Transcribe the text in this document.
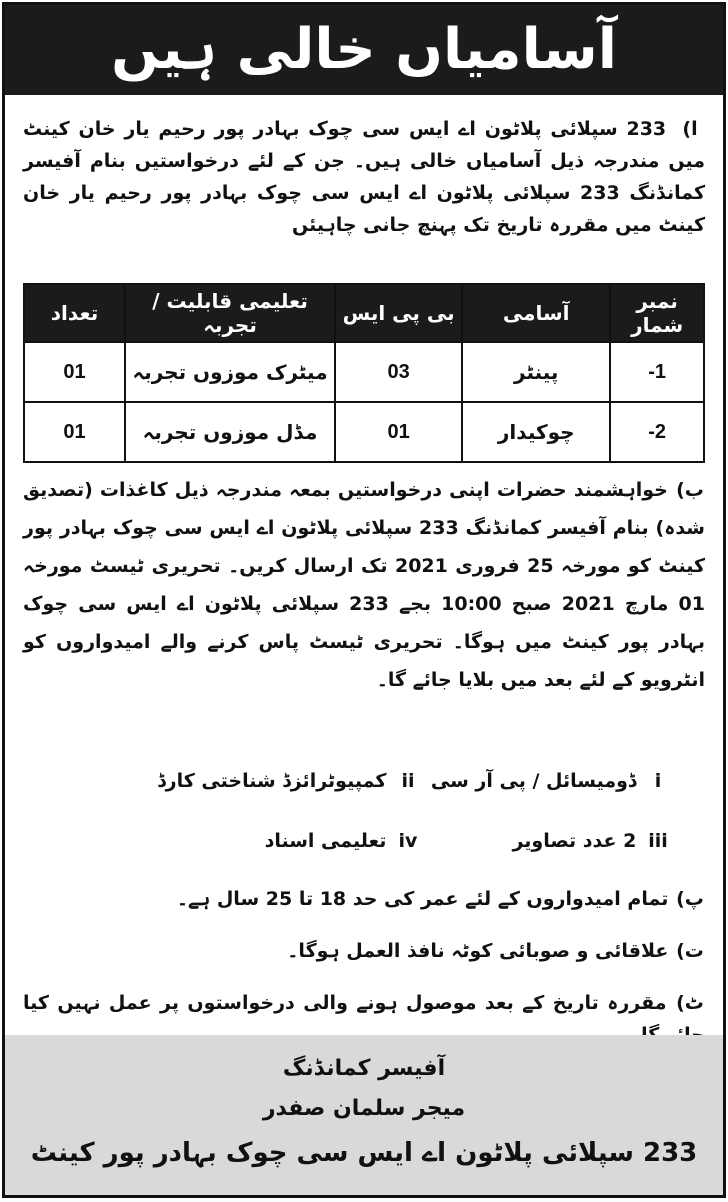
آسامیاں خالی ہیں
ا) 233 سپلائی پلاٹون اے ایس سی چوک بہادر پور رحیم یار خان کینٹ میں مندرجہ ذیل آسامیاں خالی ہیں۔ جن کے لئے درخواستیں بنام آفیسر کمانڈنگ 233 سپلائی پلاٹون اے ایس سی چوک بہادر پور رحیم یار خان کینٹ میں مقررہ تاریخ تک پہنچ جانی چاہیئں
نمبر شمار	آسامی	بی پی ایس	تعلیمی قابلیت / تجربہ	تعداد
1-	پینٹر	03	میٹرک موزوں تجربہ	01
2-	چوکیدار	01	مڈل موزوں تجربہ	01
ب) خواہشمند حضرات اپنی درخواستیں بمعہ مندرجہ ذیل کاغذات (تصدیق شدہ) بنام آفیسر کمانڈنگ 233 سپلائی پلاٹون اے ایس سی چوک بہادر پور کینٹ کو مورخہ 25 فروری 2021 تک ارسال کریں۔ تحریری ٹیسٹ مورخہ 01 مارچ 2021 صبح 10:00 بجے 233 سپلائی پلاٹون اے ایس سی چوک بہادر پور کینٹ میں ہوگا۔ تحریری ٹیسٹ پاس کرنے والے امیدواروں کو انٹرویو کے لئے بعد میں بلایا جائے گا۔
i ڈومیسائل / پی آر سی
ii کمپیوٹرائزڈ شناختی کارڈ
iii 2 عدد تصاویر
iv تعلیمی اسناد
پ) تمام امیدواروں کے لئے عمر کی حد 18 تا 25 سال ہے۔
ت) علاقائی و صوبائی کوٹہ نافذ العمل ہوگا۔
ٹ) مقررہ تاریخ کے بعد موصول ہونے والی درخواستوں پر عمل نہیں کیا
آفیسر کمانڈنگ
میجر سلمان صفدر
233 سپلائی پلاٹون اے ایس سی چوک بہادر پور کینٹ
